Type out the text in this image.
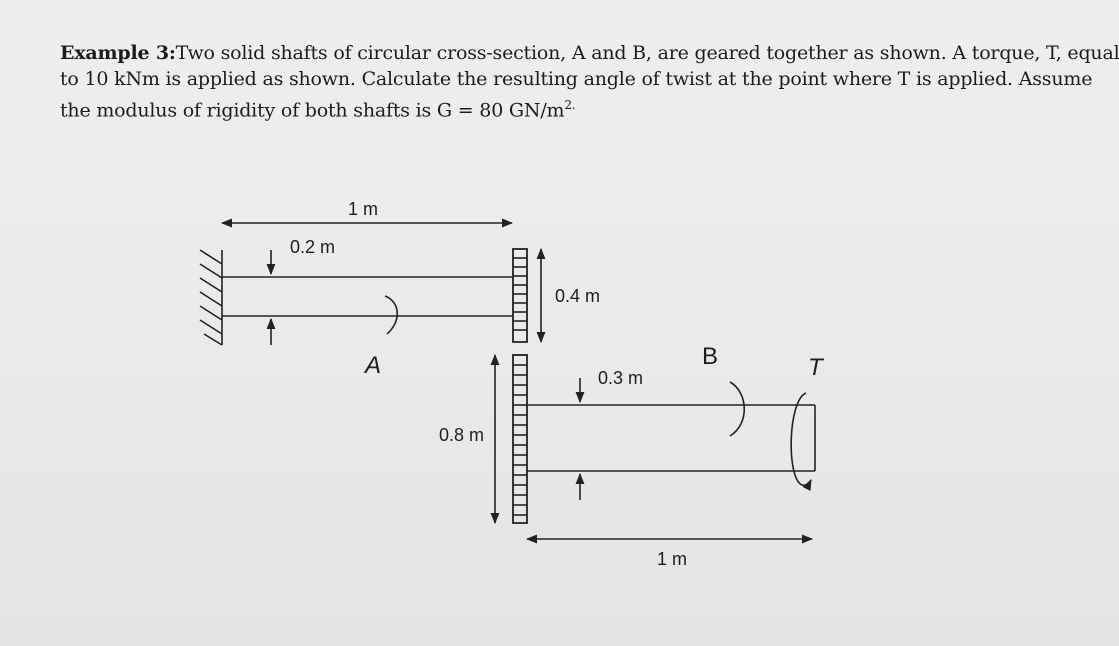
Example 3:Two solid shafts of circular cross-section, A and B, are geared together as shown. A torque, T, equal
to 10 kNm is applied as shown. Calculate the resulting angle of twist at the point where T is applied. Assume
the modulus of rigidity of both shafts is G = 80 $GN/m^{2.}$
1 m
0.2 m
A
0.4 m
0.8 m
0.3 m
B	T
1 m
